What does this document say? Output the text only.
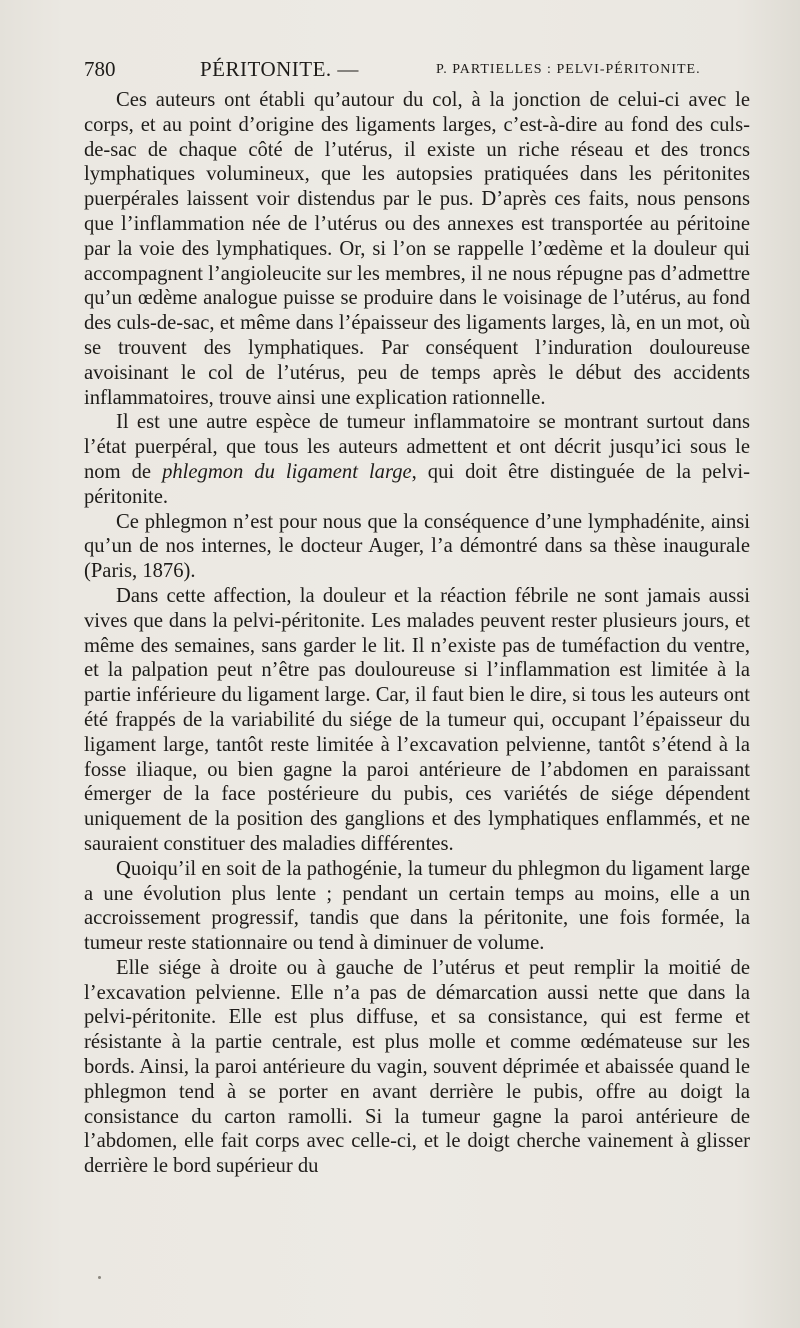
780	PÉRITONITE. —	P. PARTIELLES : PELVI-PÉRITONITE.

Ces auteurs ont établi qu’autour du col, à la jonction de celui-ci avec le corps, et au point d’origine des ligaments larges, c’est-à-dire au fond des culs-de-sac de chaque côté de l’utérus, il existe un riche réseau et des troncs lymphatiques volumineux, que les autopsies pratiquées dans les péritonites puerpérales laissent voir distendus par le pus. D’après ces faits, nous pensons que l’inflammation née de l’utérus ou des annexes est transportée au péritoine par la voie des lymphatiques. Or, si l’on se rappelle l’œdème et la douleur qui accompagnent l’angioleucite sur les membres, il ne nous répugne pas d’admettre qu’un œdème analogue puisse se produire dans le voisinage de l’utérus, au fond des culs-de-sac, et même dans l’épaisseur des ligaments larges, là, en un mot, où se trouvent des lymphatiques. Par conséquent l’induration douloureuse avoisinant le col de l’utérus, peu de temps après le début des accidents inflammatoires, trouve ainsi une explication rationnelle.

Il est une autre espèce de tumeur inflammatoire se montrant surtout dans l’état puerpéral, que tous les auteurs admettent et ont décrit jusqu’ici sous le nom de phlegmon du ligament large, qui doit être distinguée de la pelvi-péritonite.

Ce phlegmon n’est pour nous que la conséquence d’une lymphadénite, ainsi qu’un de nos internes, le docteur Auger, l’a démontré dans sa thèse inaugurale (Paris, 1876).

Dans cette affection, la douleur et la réaction fébrile ne sont jamais aussi vives que dans la pelvi-péritonite. Les malades peuvent rester plusieurs jours, et même des semaines, sans garder le lit. Il n’existe pas de tuméfaction du ventre, et la palpation peut n’être pas douloureuse si l’inflammation est limitée à la partie inférieure du ligament large. Car, il faut bien le dire, si tous les auteurs ont été frappés de la variabilité du siége de la tumeur qui, occupant l’épaisseur du ligament large, tantôt reste limitée à l’excavation pelvienne, tantôt s’étend à la fosse iliaque, ou bien gagne la paroi antérieure de l’abdomen en paraissant émerger de la face postérieure du pubis, ces variétés de siége dépendent uniquement de la position des ganglions et des lymphatiques enflammés, et ne sauraient constituer des maladies différentes.

Quoiqu’il en soit de la pathogénie, la tumeur du phlegmon du ligament large a une évolution plus lente ; pendant un certain temps au moins, elle a un accroissement progressif, tandis que dans la péritonite, une fois formée, la tumeur reste stationnaire ou tend à diminuer de volume.

Elle siége à droite ou à gauche de l’utérus et peut remplir la moitié de l’excavation pelvienne. Elle n’a pas de démarcation aussi nette que dans la pelvi-péritonite. Elle est plus diffuse, et sa consistance, qui est ferme et résistante à la partie centrale, est plus molle et comme œdémateuse sur les bords. Ainsi, la paroi antérieure du vagin, souvent déprimée et abaissée quand le phlegmon tend à se porter en avant derrière le pubis, offre au doigt la consistance du carton ramolli. Si la tumeur gagne la paroi antérieure de l’abdomen, elle fait corps avec celle-ci, et le doigt cherche vainement à glisser derrière le bord supérieur du
